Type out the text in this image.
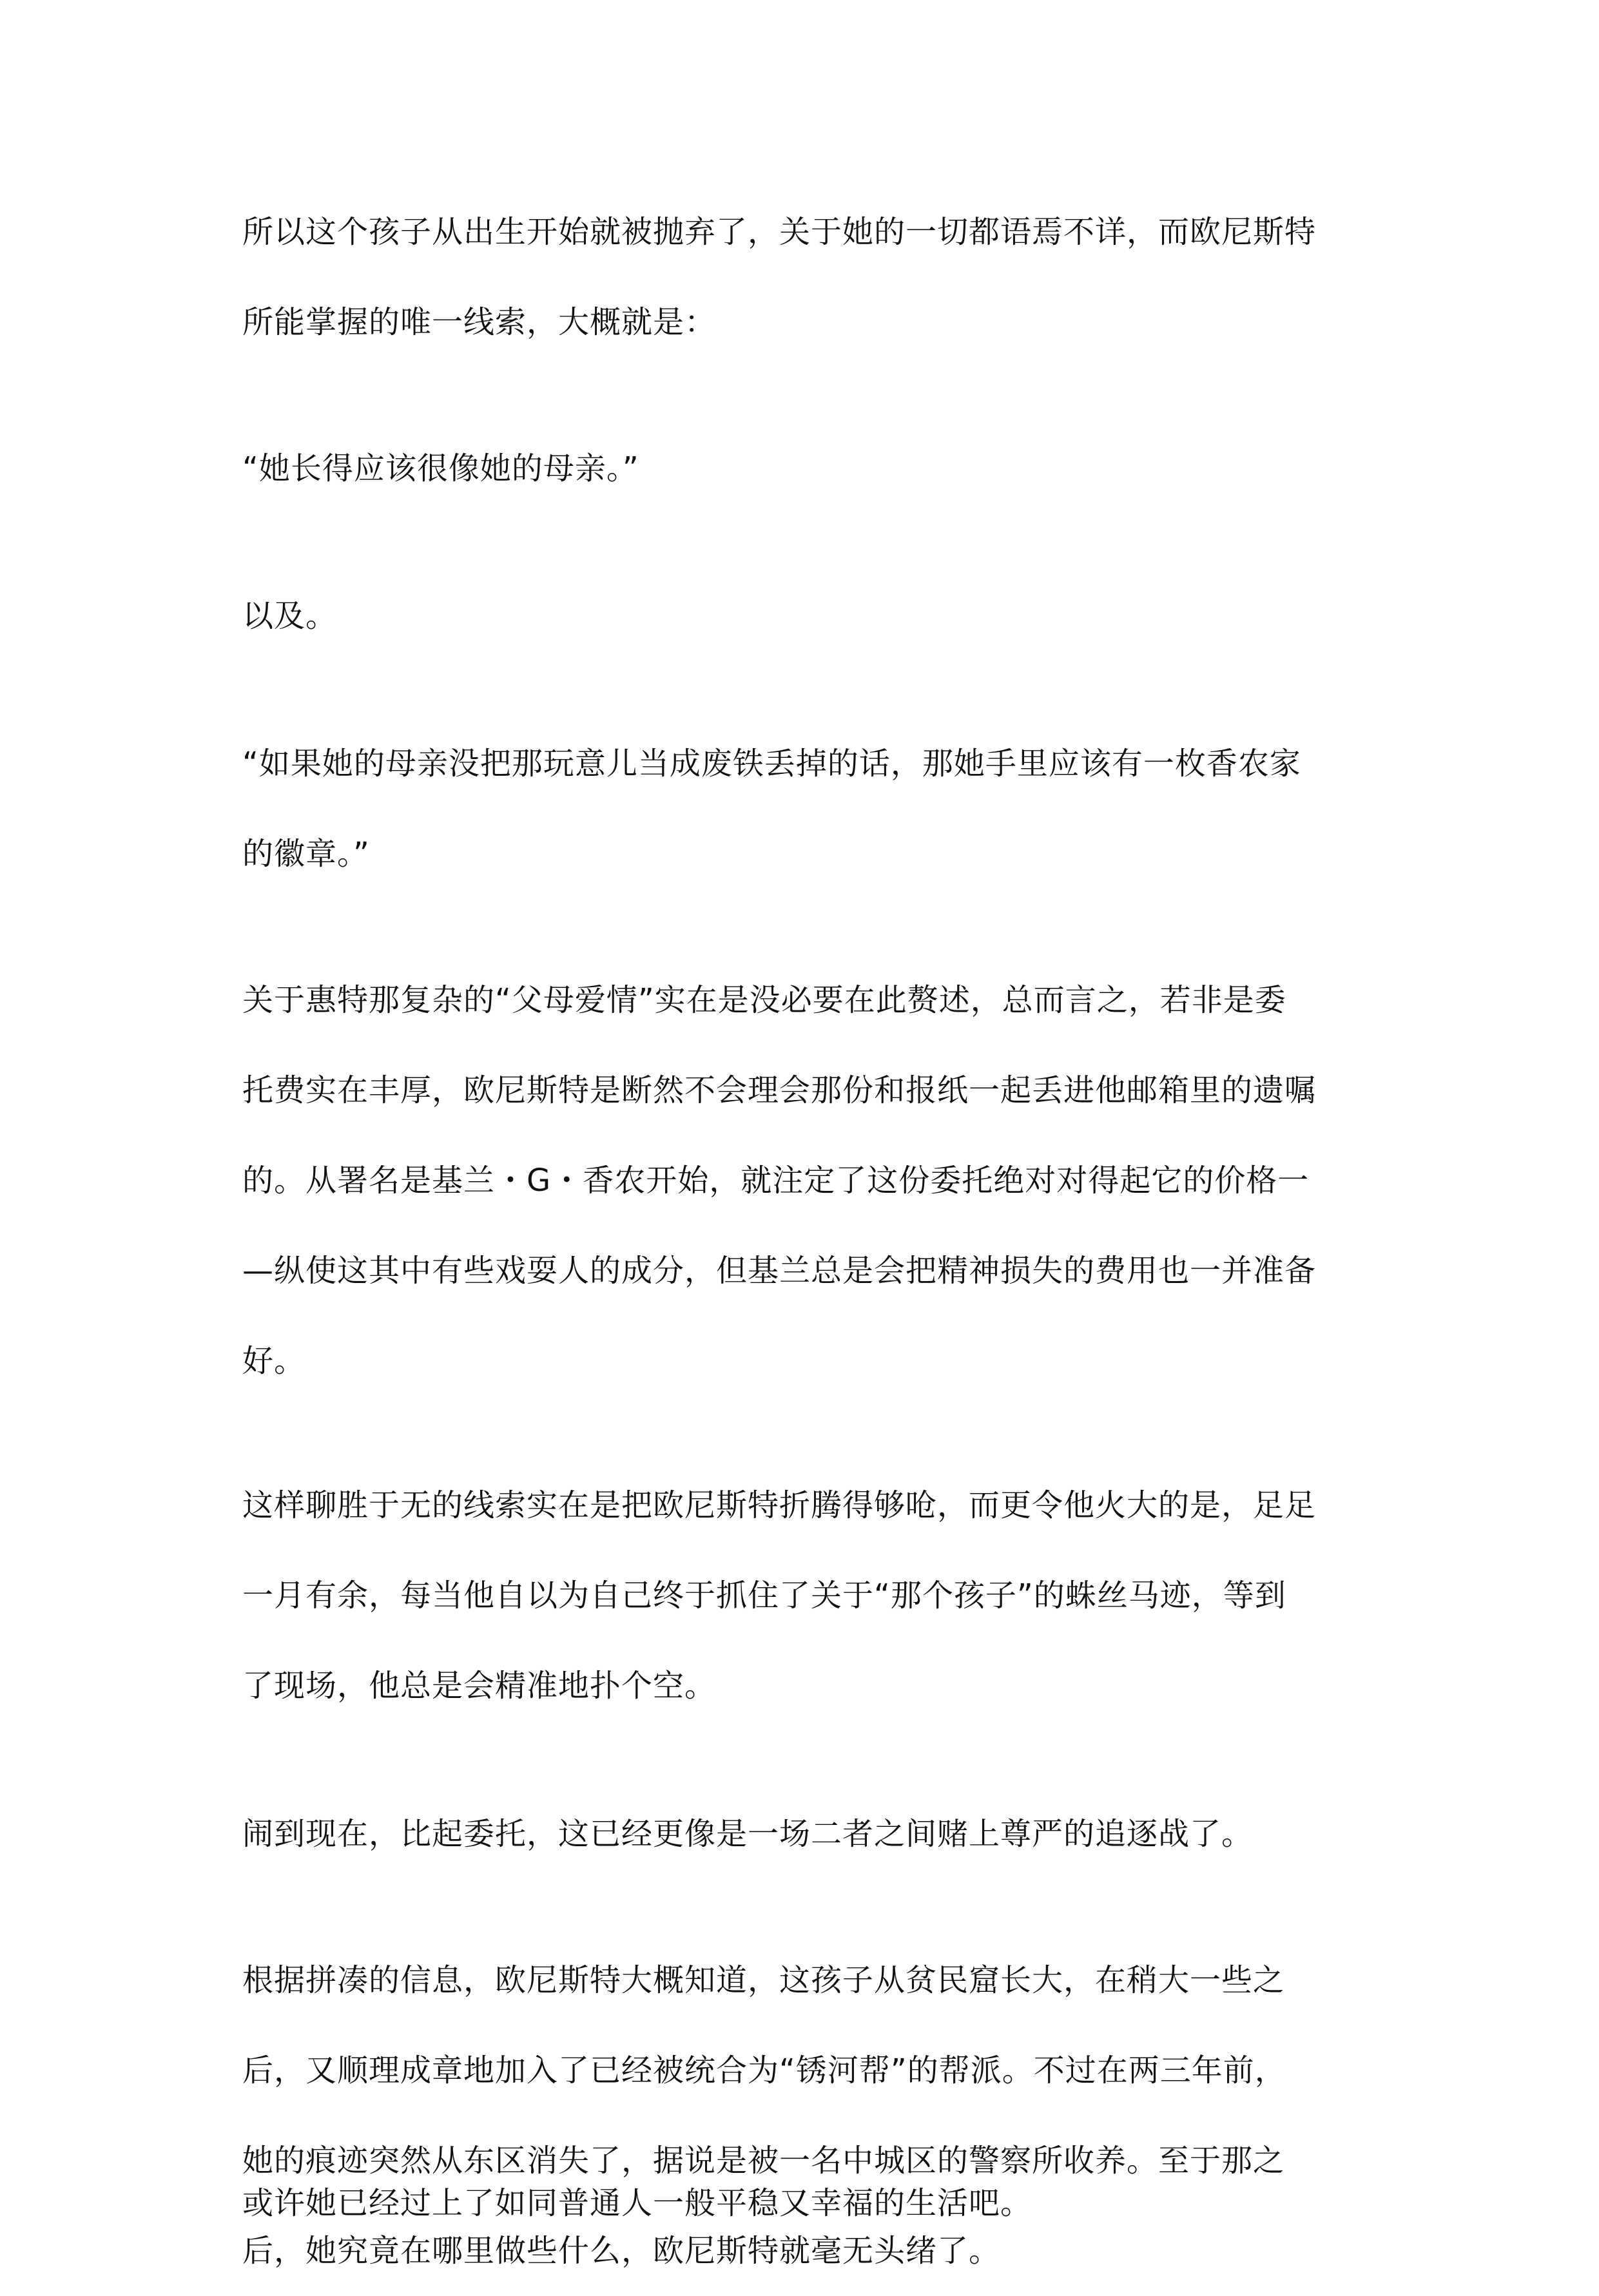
所以这个孩子从出生开始就被抛弃了，关于她的一切都语焉不详，而欧尼斯特
所能掌握的唯一线索，大概就是：

“她长得应该很像她的母亲。”

以及。

“如果她的母亲没把那玩意儿当成废铁丢掉的话，那她手里应该有一枚香农家
的徽章。”

关于惠特那复杂的“父母爱情”实在是没必要在此赘述，总而言之，若非是委
托费实在丰厚，欧尼斯特是断然不会理会那份和报纸一起丢进他邮箱里的遗嘱
的。从署名是基兰・G・香农开始，就注定了这份委托绝对对得起它的价格一
—纵使这其中有些戏耍人的成分，但基兰总是会把精神损失的费用也一并准备
好。

这样聊胜于无的线索实在是把欧尼斯特折腾得够呛，而更令他火大的是，足足
一月有余，每当他自以为自己终于抓住了关于“那个孩子”的蛛丝马迹，等到
了现场，他总是会精准地扑个空。

闹到现在，比起委托，这已经更像是一场二者之间赌上尊严的追逐战了。

根据拼凑的信息，欧尼斯特大概知道，这孩子从贫民窟长大，在稍大一些之
后，又顺理成章地加入了已经被统合为“锈河帮”的帮派。不过在两三年前，
她的痕迹突然从东区消失了，据说是被一名中城区的警察所收养。至于那之
后，她究竟在哪里做些什么，欧尼斯特就毫无头绪了。

或许她已经过上了如同普通人一般平稳又幸福的生活吧。
